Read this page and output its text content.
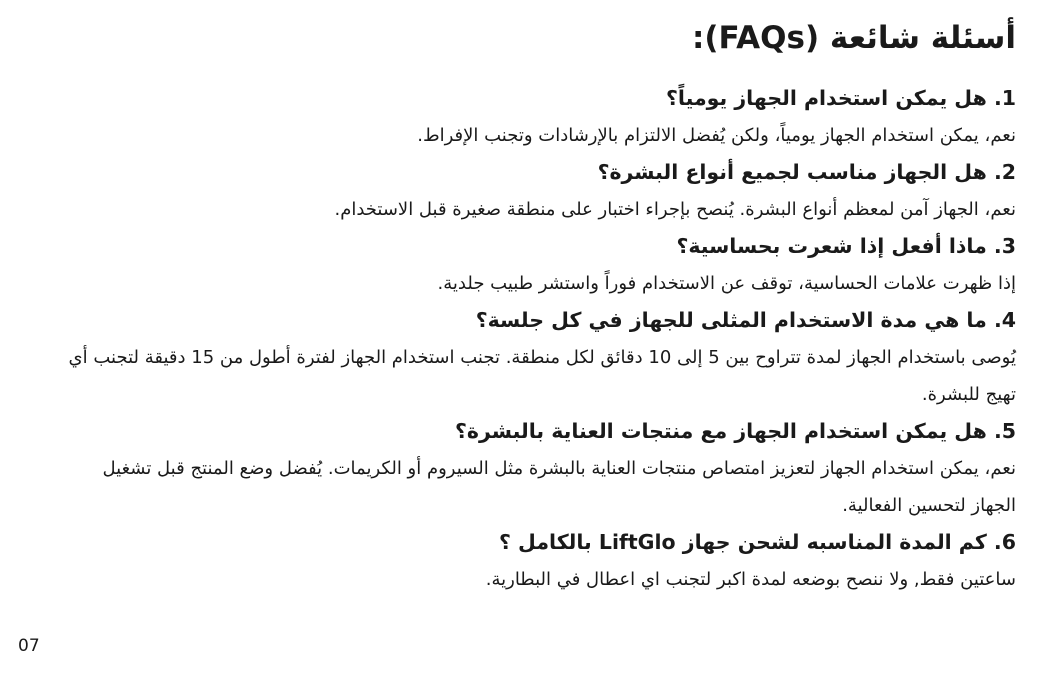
أسئلة شائعة (FAQs):

1. هل يمكن استخدام الجهاز يومياً؟

نعم، يمكن استخدام الجهاز يومياً، ولكن يُفضل الالتزام بالإرشادات وتجنب الإفراط.

2. هل الجهاز مناسب لجميع أنواع البشرة؟

نعم، الجهاز آمن لمعظم أنواع البشرة. يُنصح بإجراء اختبار على منطقة صغيرة قبل الاستخدام.

3. ماذا أفعل إذا شعرت بحساسية؟

إذا ظهرت علامات الحساسية، توقف عن الاستخدام فوراً واستشر طبيب جلدية.

4. ما هي مدة الاستخدام المثلى للجهاز في كل جلسة؟

يُوصى باستخدام الجهاز لمدة تتراوح بين 5 إلى 10 دقائق لكل منطقة. تجنب استخدام الجهاز لفترة أطول من 15 دقيقة لتجنب أي تهيج للبشرة.

5. هل يمكن استخدام الجهاز مع منتجات العناية بالبشرة؟

نعم، يمكن استخدام الجهاز لتعزيز امتصاص منتجات العناية بالبشرة مثل السيروم أو الكريمات. يُفضل وضع المنتج قبل تشغيل الجهاز لتحسين الفعالية.

6. كم المدة المناسبه لشحن جهاز LiftGlo بالكامل ؟

ساعتين فقط, ولا ننصح بوضعه لمدة اكبر لتجنب اي اعطال في البطارية.

07
